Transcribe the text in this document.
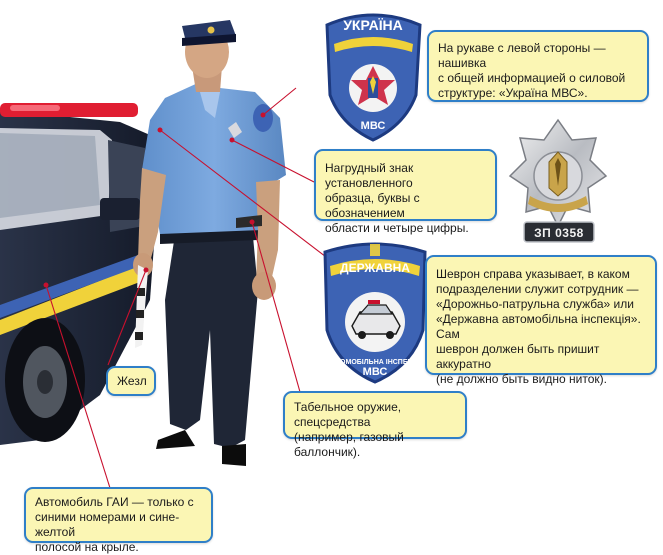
УКРАЇНА
МВС
ДЕРЖАВНА
МВС
АВТОМОБІЛЬНА ІНСПЕКЦІЯ
ЗП 0358
На рукаве с левой стороны — нашивка
с общей информацией о силовой
структуре: «Україна МВС».
Нагрудный знак установленного
образца, буквы с обозначением
области и четыре цифры.
Шеврон справа указывает, в каком
подразделении служит сотрудник —
«Дорожньо-патрульна служба» или
«Державна автомобільна інспекція». Сам
шеврон должен быть пришит аккуратно
(не должно быть видно ниток).
Жезл
Табельное оружие, спецсредства
(например, газовый баллончик).
Автомобиль ГАИ — только с
синими номерами и сине-желтой
полосой на крыле.
